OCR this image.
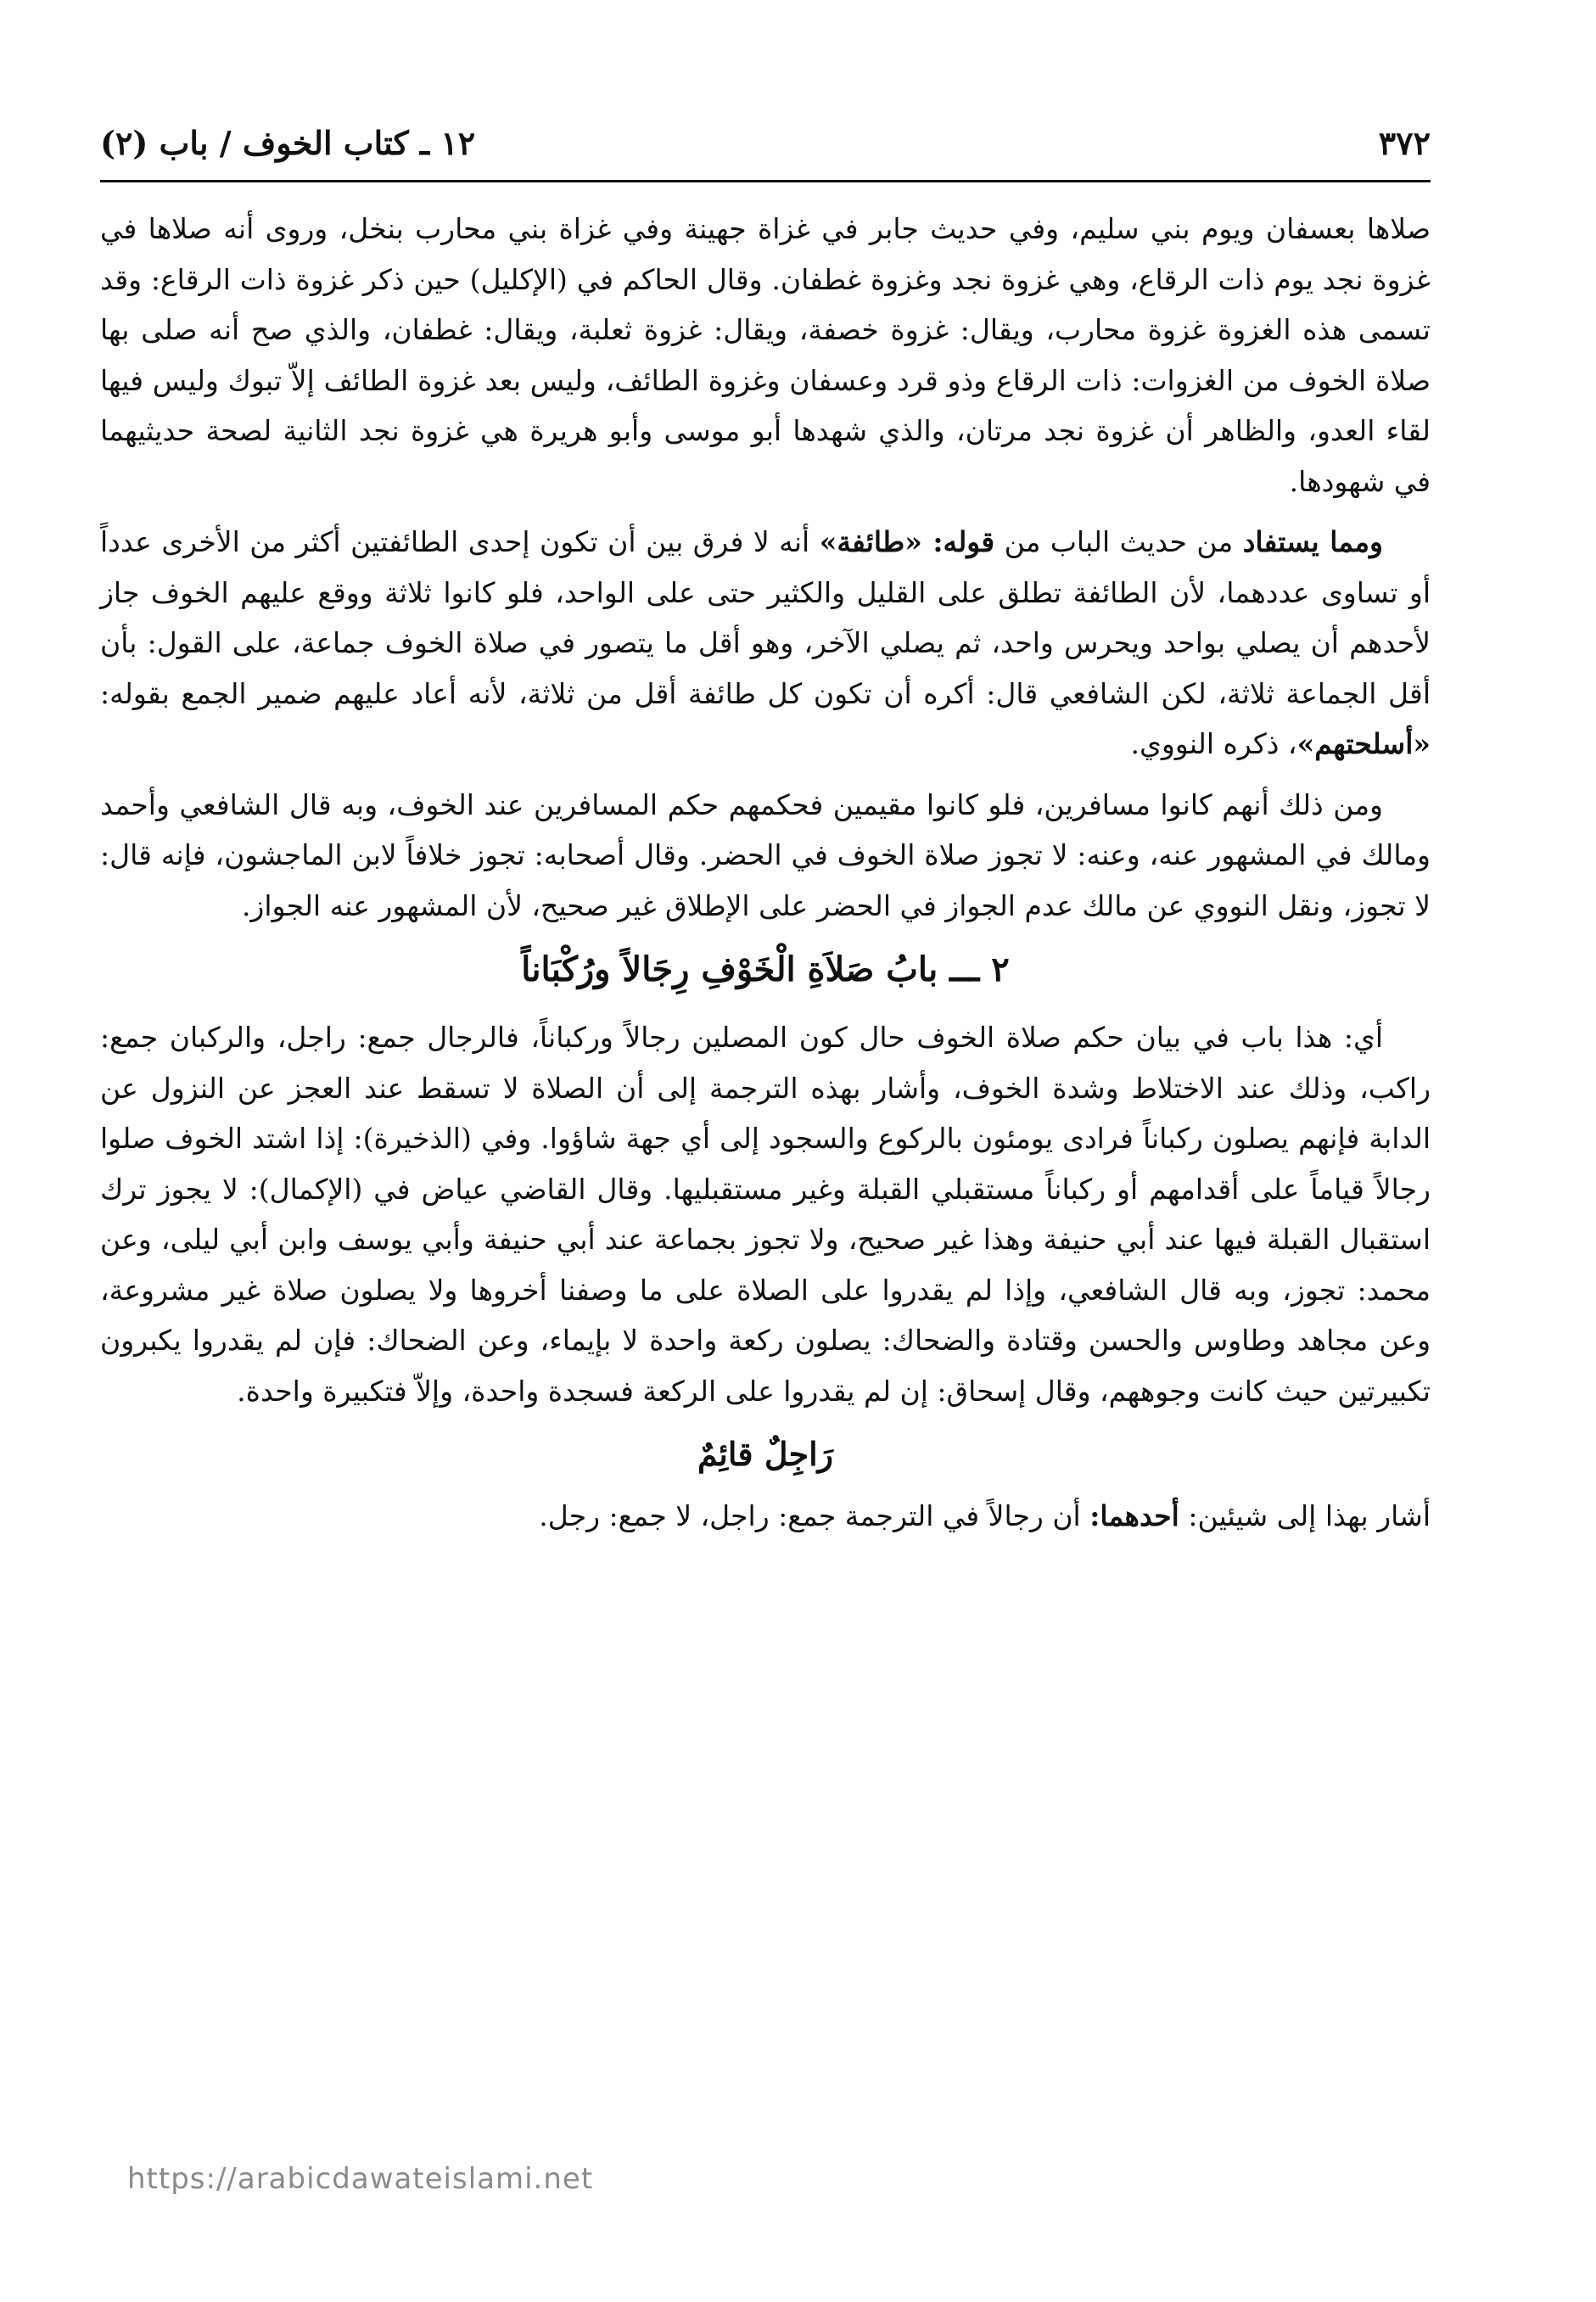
٣٧٢
١٢ ـ كتاب الخوف / باب (٢)

صلاها بعسفان ويوم بني سليم، وفي حديث جابر في غزاة جهينة وفي غزاة بني محارب بنخل، وروى أنه صلاها في غزوة نجد يوم ذات الرقاع، وهي غزوة نجد وغزوة غطفان. وقال الحاكم في (الإكليل) حين ذكر غزوة ذات الرقاع: وقد تسمى هذه الغزوة غزوة محارب، ويقال: غزوة خصفة، ويقال: غزوة ثعلبة، ويقال: غطفان، والذي صح أنه صلى بها صلاة الخوف من الغزوات: ذات الرقاع وذو قرد وعسفان وغزوة الطائف، وليس بعد غزوة الطائف إلاّ تبوك وليس فيها لقاء العدو، والظاهر أن غزوة نجد مرتان، والذي شهدها أبو موسى وأبو هريرة هي غزوة نجد الثانية لصحة حديثيهما في شهودها.

ومما يستفاد من حديث الباب من قوله: «طائفة» أنه لا فرق بين أن تكون إحدى الطائفتين أكثر من الأخرى عدداً أو تساوى عددهما، لأن الطائفة تطلق على القليل والكثير حتى على الواحد، فلو كانوا ثلاثة ووقع عليهم الخوف جاز لأحدهم أن يصلي بواحد ويحرس واحد، ثم يصلي الآخر، وهو أقل ما يتصور في صلاة الخوف جماعة، على القول: بأن أقل الجماعة ثلاثة، لكن الشافعي قال: أكره أن تكون كل طائفة أقل من ثلاثة، لأنه أعاد عليهم ضمير الجمع بقوله: «أسلحتهم»، ذكره النووي.

ومن ذلك أنهم كانوا مسافرين، فلو كانوا مقيمين فحكمهم حكم المسافرين عند الخوف، وبه قال الشافعي وأحمد ومالك في المشهور عنه، وعنه: لا تجوز صلاة الخوف في الحضر. وقال أصحابه: تجوز خلافاً لابن الماجشون، فإنه قال: لا تجوز، ونقل النووي عن مالك عدم الجواز في الحضر على الإطلاق غير صحيح، لأن المشهور عنه الجواز.

٢ ـــ بابُ صَلاَةِ الْخَوْفِ رِجَالاً ورُكْبَاناً

أي: هذا باب في بيان حكم صلاة الخوف حال كون المصلين رجالاً وركباناً، فالرجال جمع: راجل، والركبان جمع: راكب، وذلك عند الاختلاط وشدة الخوف، وأشار بهذه الترجمة إلى أن الصلاة لا تسقط عند العجز عن النزول عن الدابة فإنهم يصلون ركباناً فرادى يومئون بالركوع والسجود إلى أي جهة شاؤوا. وفي (الذخيرة): إذا اشتد الخوف صلوا رجالاً قياماً على أقدامهم أو ركباناً مستقبلي القبلة وغير مستقبليها. وقال القاضي عياض في (الإكمال): لا يجوز ترك استقبال القبلة فيها عند أبي حنيفة وهذا غير صحيح، ولا تجوز بجماعة عند أبي حنيفة وأبي يوسف وابن أبي ليلى، وعن محمد: تجوز، وبه قال الشافعي، وإذا لم يقدروا على الصلاة على ما وصفنا أخروها ولا يصلون صلاة غير مشروعة، وعن مجاهد وطاوس والحسن وقتادة والضحاك: يصلون ركعة واحدة لا بإيماء، وعن الضحاك: فإن لم يقدروا يكبرون تكبيرتين حيث كانت وجوههم، وقال إسحاق: إن لم يقدروا على الركعة فسجدة واحدة، وإلاّ فتكبيرة واحدة.

رَاجِلٌ قائِمٌ

أشار بهذا إلى شيئين: أحدهما: أن رجالاً في الترجمة جمع: راجل، لا جمع: رجل.

https://arabicdawateislami.net
